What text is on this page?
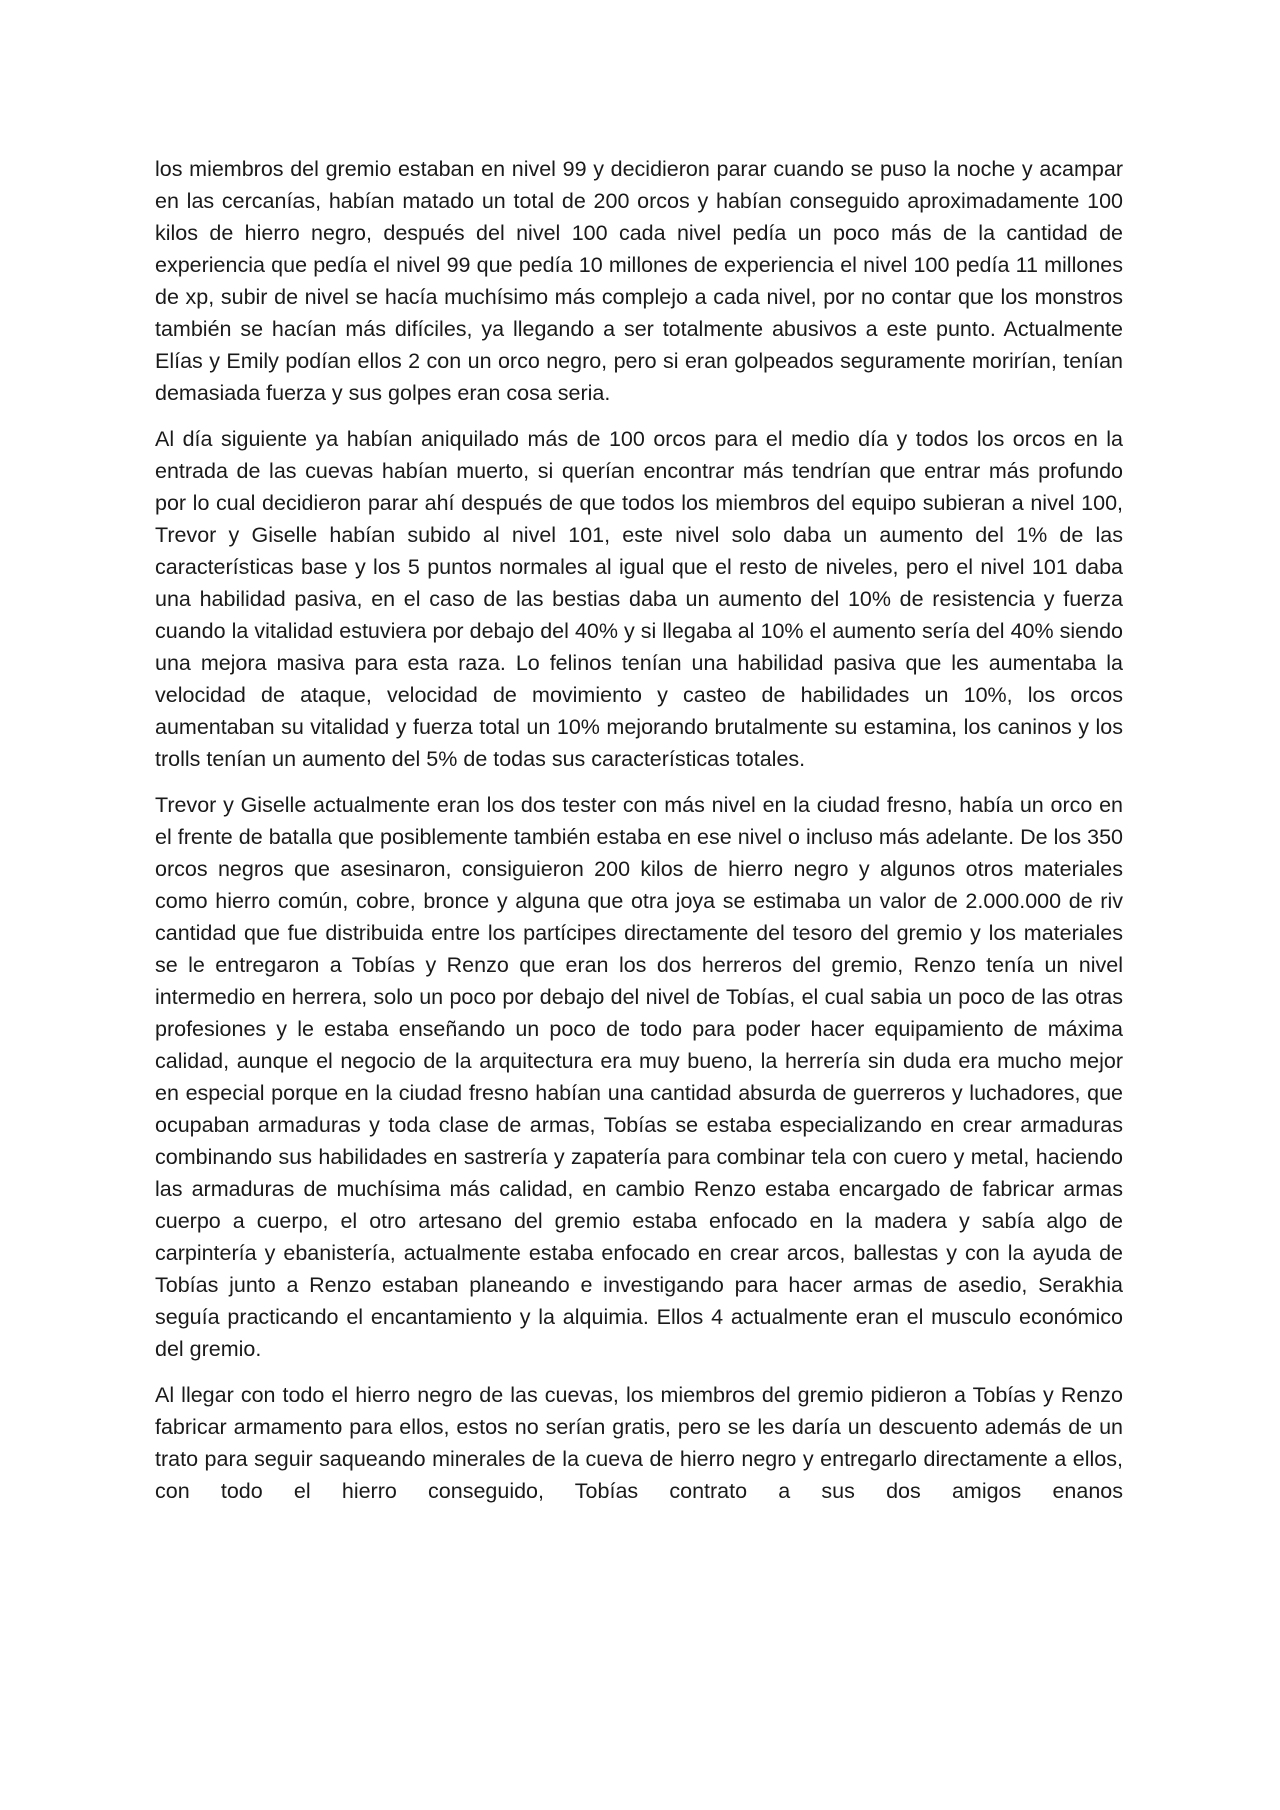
los miembros del gremio estaban en nivel 99 y decidieron parar cuando se puso la noche y acampar en las cercanías, habían matado un total de 200 orcos y habían conseguido aproximadamente 100 kilos de hierro negro, después del nivel 100 cada nivel pedía un poco más de la cantidad de experiencia que pedía el nivel 99 que pedía 10 millones de experiencia el nivel 100 pedía 11 millones de xp, subir de nivel se hacía muchísimo más complejo a cada nivel, por no contar que los monstros también se hacían más difíciles, ya llegando a ser totalmente abusivos a este punto. Actualmente Elías y Emily podían ellos 2 con un orco negro, pero si eran golpeados seguramente morirían, tenían demasiada fuerza y sus golpes eran cosa seria.

Al día siguiente ya habían aniquilado más de 100 orcos para el medio día y todos los orcos en la entrada de las cuevas habían muerto, si querían encontrar más tendrían que entrar más profundo por lo cual decidieron parar ahí después de que todos los miembros del equipo subieran a nivel 100, Trevor y Giselle habían subido al nivel 101, este nivel solo daba un aumento del 1% de las características base y los 5 puntos normales al igual que el resto de niveles, pero el nivel 101 daba una habilidad pasiva, en el caso de las bestias daba un aumento del 10% de resistencia y fuerza cuando la vitalidad estuviera por debajo del 40% y si llegaba al 10% el aumento sería del 40% siendo una mejora masiva para esta raza. Lo felinos tenían una habilidad pasiva que les aumentaba la velocidad de ataque, velocidad de movimiento y casteo de habilidades un 10%, los orcos aumentaban su vitalidad y fuerza total un 10% mejorando brutalmente su estamina, los caninos y los trolls tenían un aumento del 5% de todas sus características totales.

Trevor y Giselle actualmente eran los dos tester con más nivel en la ciudad fresno, había un orco en el frente de batalla que posiblemente también estaba en ese nivel o incluso más adelante. De los 350 orcos negros que asesinaron, consiguieron 200 kilos de hierro negro y algunos otros materiales como hierro común, cobre, bronce y alguna que otra joya se estimaba un valor de 2.000.000 de riv cantidad que fue distribuida entre los partícipes directamente del tesoro del gremio y los materiales se le entregaron a Tobías y Renzo que eran los dos herreros del gremio, Renzo tenía un nivel intermedio en herrera, solo un poco por debajo del nivel de Tobías, el cual sabia un poco de las otras profesiones y le estaba enseñando un poco de todo para poder hacer equipamiento de máxima calidad, aunque el negocio de la arquitectura era muy bueno, la herrería sin duda era mucho mejor en especial porque en la ciudad fresno habían una cantidad absurda de guerreros y luchadores, que ocupaban armaduras y toda clase de armas, Tobías se estaba especializando en crear armaduras combinando sus habilidades en sastrería y zapatería para combinar tela con cuero y metal, haciendo las armaduras de muchísima más calidad, en cambio Renzo estaba encargado de fabricar armas cuerpo a cuerpo, el otro artesano del gremio estaba enfocado en la madera y sabía algo de carpintería y ebanistería, actualmente estaba enfocado en crear arcos, ballestas y con la ayuda de Tobías junto a Renzo estaban planeando e investigando para hacer armas de asedio, Serakhia seguía practicando el encantamiento y la alquimia. Ellos 4 actualmente eran el musculo económico del gremio.

Al llegar con todo el hierro negro de las cuevas, los miembros del gremio pidieron a Tobías y Renzo fabricar armamento para ellos, estos no serían gratis, pero se les daría un descuento además de un trato para seguir saqueando minerales de la cueva de hierro negro y entregarlo directamente a ellos, con todo el hierro conseguido, Tobías contrato a sus dos amigos enanos
